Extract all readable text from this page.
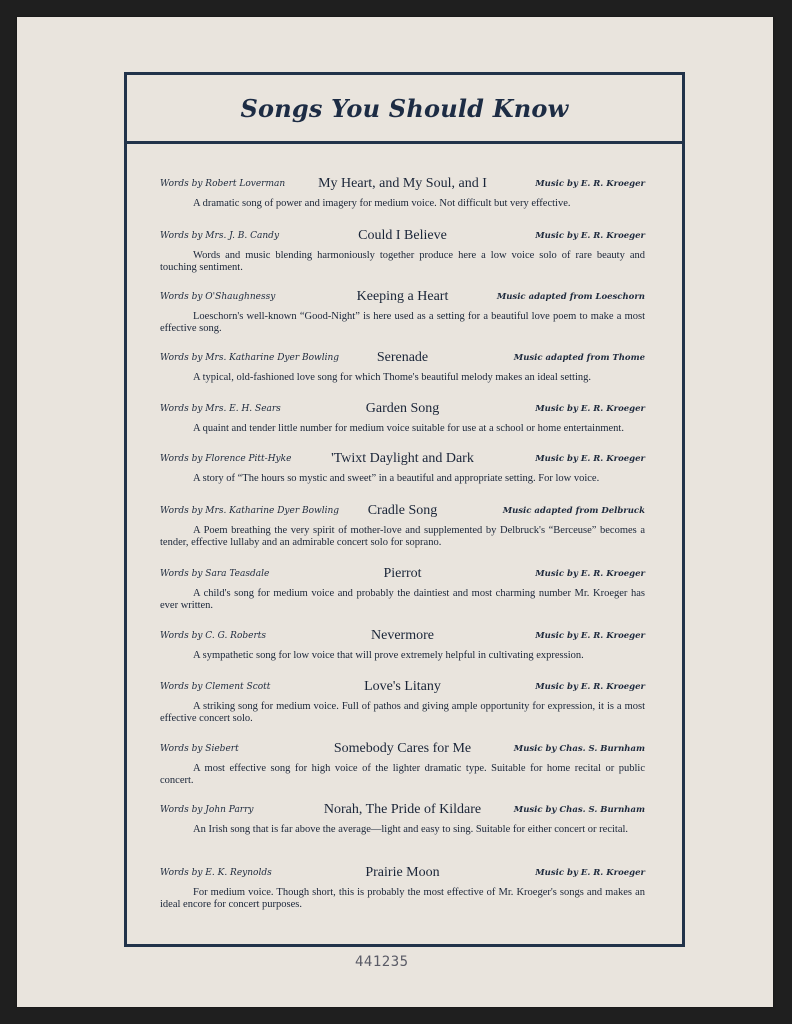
Songs You Should Know
441235
Words by Robert Loverman	My Heart, and My Soul, and I	Music by E. R. Kroeger
A dramatic song of power and imagery for medium voice. Not difficult but very effective.
Words by Mrs. J. B. Candy	Could I Believe	Music by E. R. Kroeger
Words and music blending harmoniously together produce here a low voice solo of rare beauty and touching sentiment.
Words by O'Shaughnessy	Keeping a Heart	Music adapted from Loeschorn
Loeschorn's well-known “Good-Night” is here used as a setting for a beautiful love poem to make a most effective song.
Words by Mrs. Katharine Dyer Bowling	Serenade	Music adapted from Thome
A typical, old-fashioned love song for which Thome's beautiful melody makes an ideal setting.
Words by Mrs. E. H. Sears	Garden Song	Music by E. R. Kroeger
A quaint and tender little number for medium voice suitable for use at a school or home entertainment.
Words by Florence Pitt-Hyke	'Twixt Daylight and Dark	Music by E. R. Kroeger
A story of “The hours so mystic and sweet” in a beautiful and appropriate setting. For low voice.
Words by Mrs. Katharine Dyer Bowling	Cradle Song	Music adapted from Delbruck
A Poem breathing the very spirit of mother-love and supplemented by Delbruck's “Berceuse” becomes a tender, effective lullaby and an admirable concert solo for soprano.
Words by Sara Teasdale	Pierrot	Music by E. R. Kroeger
A child's song for medium voice and probably the daintiest and most charming number Mr. Kroeger has ever written.
Words by C. G. Roberts	Nevermore	Music by E. R. Kroeger
A sympathetic song for low voice that will prove extremely helpful in cultivating expression.
Words by Clement Scott	Love's Litany	Music by E. R. Kroeger
A striking song for medium voice. Full of pathos and giving ample opportunity for expression, it is a most effective concert solo.
Words by Siebert	Somebody Cares for Me	Music by Chas. S. Burnham
A most effective song for high voice of the lighter dramatic type. Suitable for home recital or public concert.
Words by John Parry	Norah, The Pride of Kildare	Music by Chas. S. Burnham
An Irish song that is far above the average—light and easy to sing. Suitable for either concert or recital.
Words by E. K. Reynolds	Prairie Moon	Music by E. R. Kroeger
For medium voice. Though short, this is probably the most effective of Mr. Kroeger's songs and makes an ideal encore for concert purposes.
